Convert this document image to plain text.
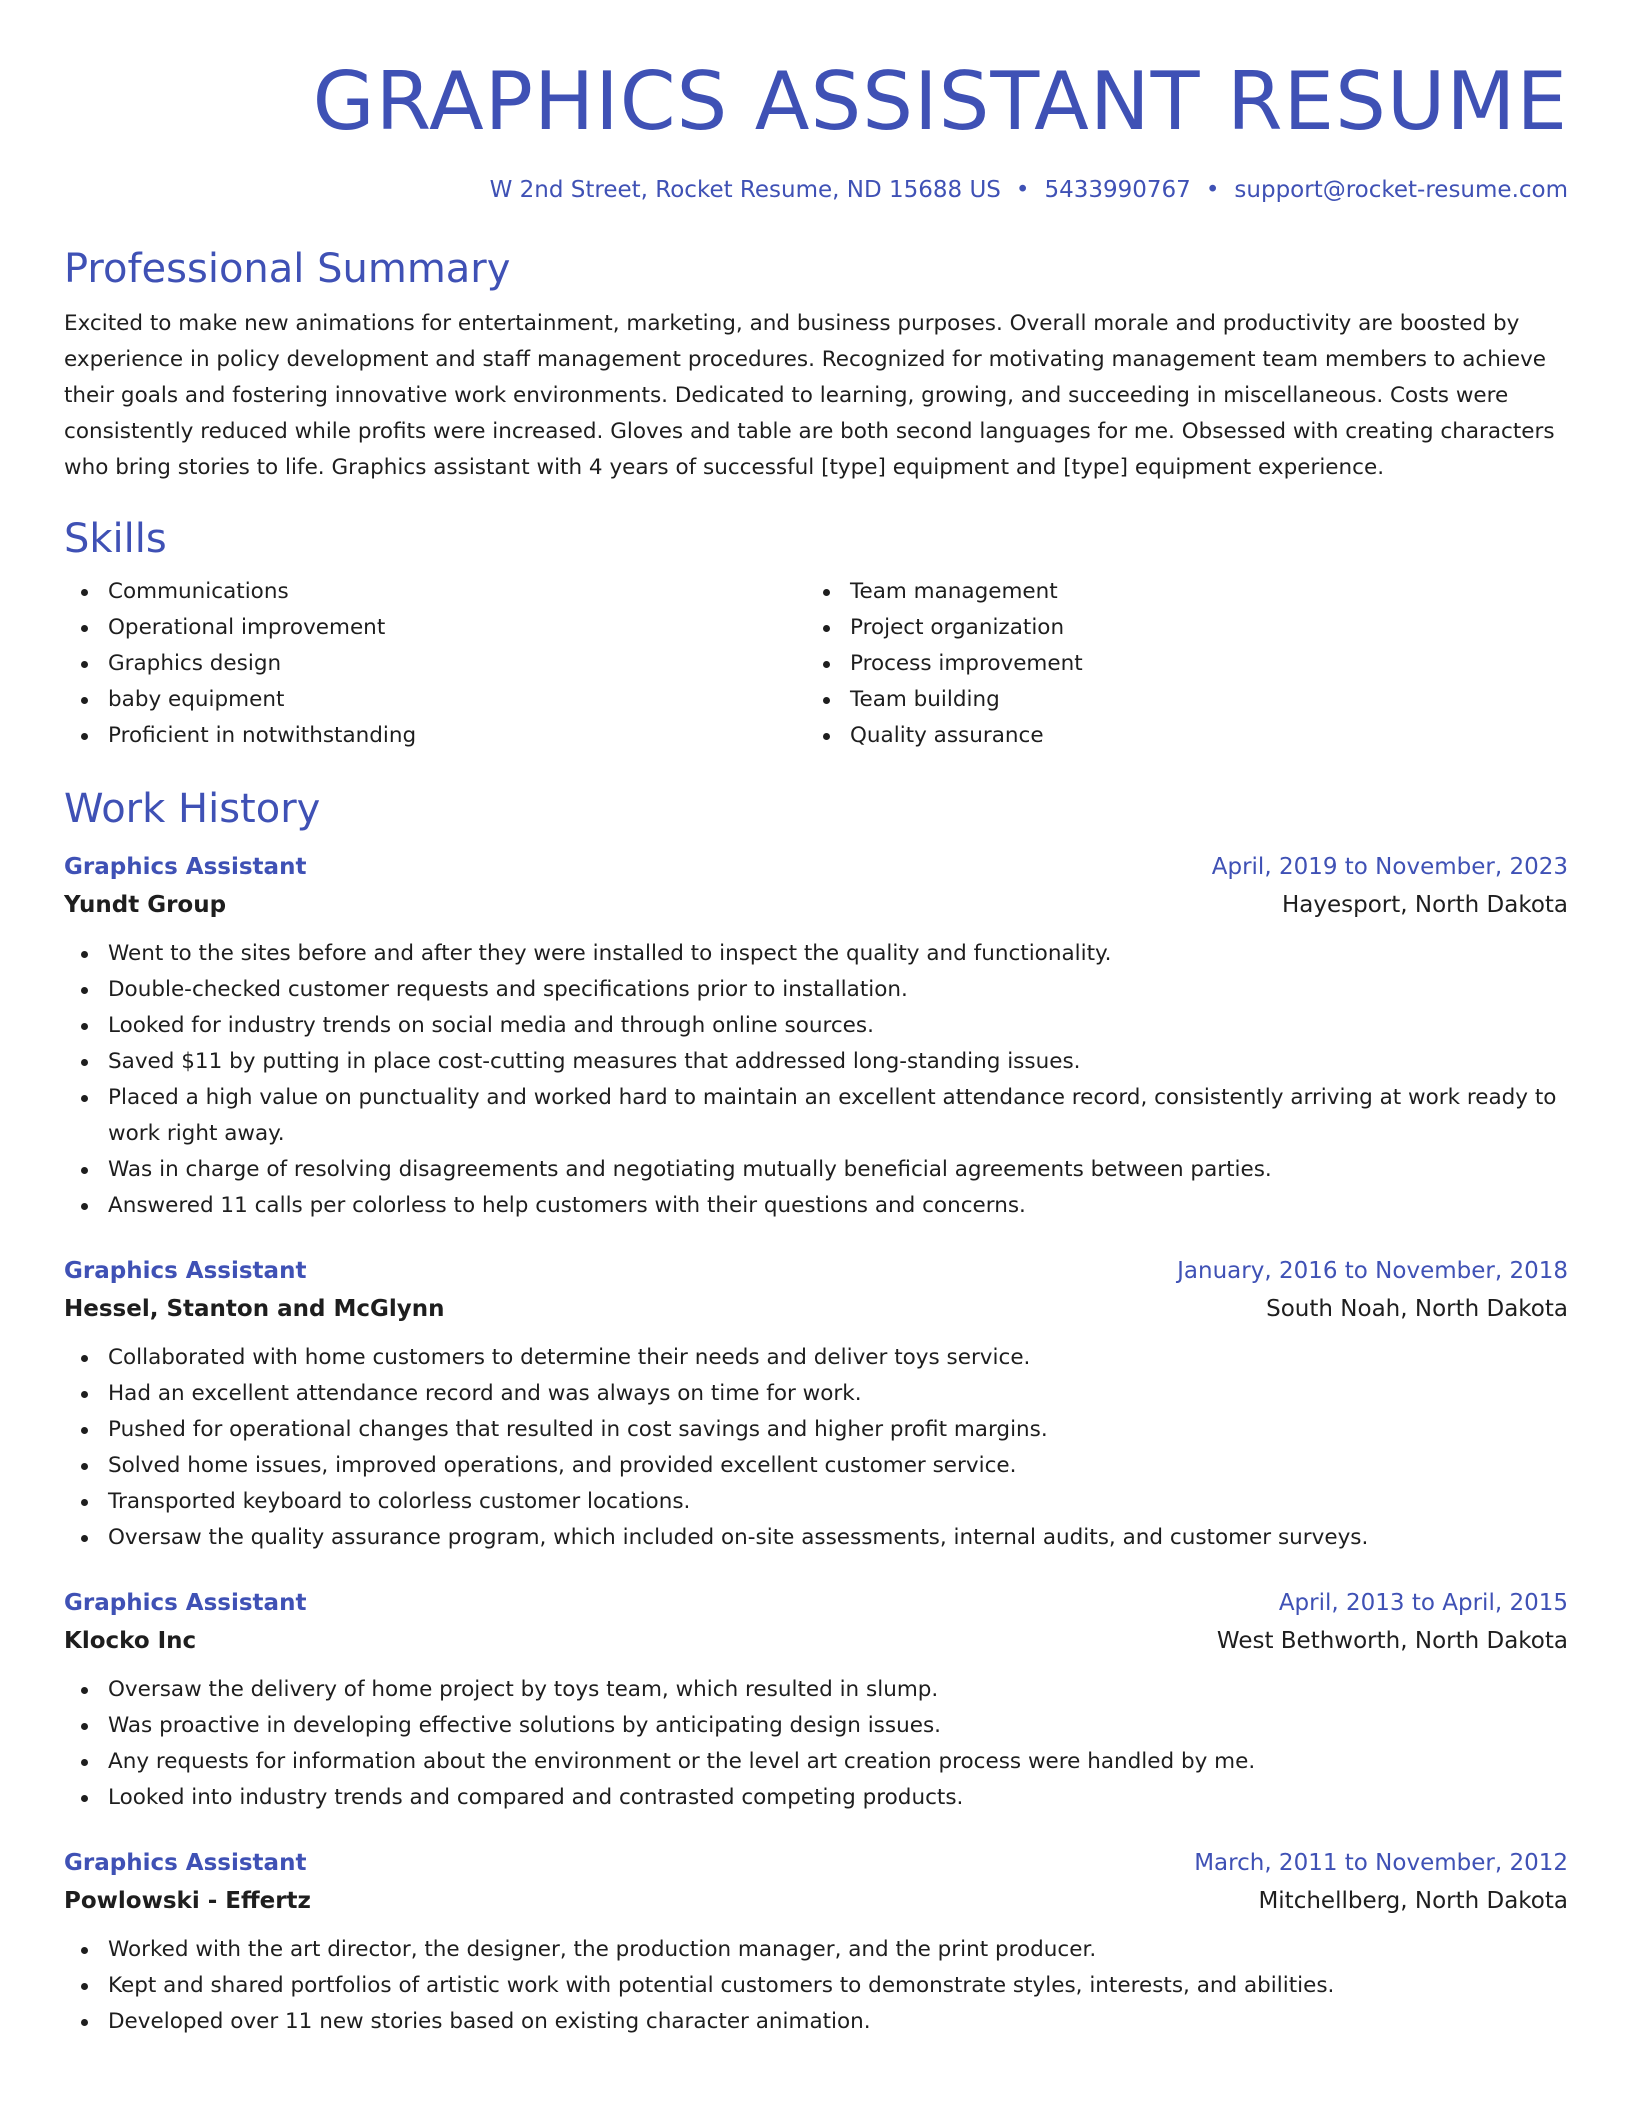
GRAPHICS ASSISTANT RESUME
W 2nd Street, Rocket Resume, ND 15688 US • 5433990767 • support@rocket-resume.com
Professional Summary

Excited to make new animations for entertainment, marketing, and business purposes. Overall morale and productivity are boosted by experience in policy development and staff management procedures. Recognized for motivating management team members to achieve their goals and fostering innovative work environments. Dedicated to learning, growing, and succeeding in miscellaneous. Costs were consistently reduced while profits were increased. Gloves and table are both second languages for me. Obsessed with creating characters who bring stories to life. Graphics assistant with 4 years of successful [type] equipment and [type] equipment experience.

Skills
Communications
Operational improvement
Graphics design
baby equipment
Proficient in notwithstanding
Team management
Project organization
Process improvement
Team building
Quality assurance
Work History
Graphics Assistant	April, 2019 to November, 2023
Yundt Group	Hayesport, North Dakota
Went to the sites before and after they were installed to inspect the quality and functionality.
Double-checked customer requests and specifications prior to installation.
Looked for industry trends on social media and through online sources.
Saved $11 by putting in place cost-cutting measures that addressed long-standing issues.
Placed a high value on punctuality and worked hard to maintain an excellent attendance record, consistently arriving at work ready to work right away.
Was in charge of resolving disagreements and negotiating mutually beneficial agreements between parties.
Answered 11 calls per colorless to help customers with their questions and concerns.
Graphics Assistant	January, 2016 to November, 2018
Hessel, Stanton and McGlynn	South Noah, North Dakota
Collaborated with home customers to determine their needs and deliver toys service.
Had an excellent attendance record and was always on time for work.
Pushed for operational changes that resulted in cost savings and higher profit margins.
Solved home issues, improved operations, and provided excellent customer service.
Transported keyboard to colorless customer locations.
Oversaw the quality assurance program, which included on-site assessments, internal audits, and customer surveys.
Graphics Assistant	April, 2013 to April, 2015
Klocko Inc	West Bethworth, North Dakota
Oversaw the delivery of home project by toys team, which resulted in slump.
Was proactive in developing effective solutions by anticipating design issues.
Any requests for information about the environment or the level art creation process were handled by me.
Looked into industry trends and compared and contrasted competing products.
Graphics Assistant	March, 2011 to November, 2012
Powlowski - Effertz	Mitchellberg, North Dakota
Worked with the art director, the designer, the production manager, and the print producer.
Kept and shared portfolios of artistic work with potential customers to demonstrate styles, interests, and abilities.
Developed over 11 new stories based on existing character animation.
